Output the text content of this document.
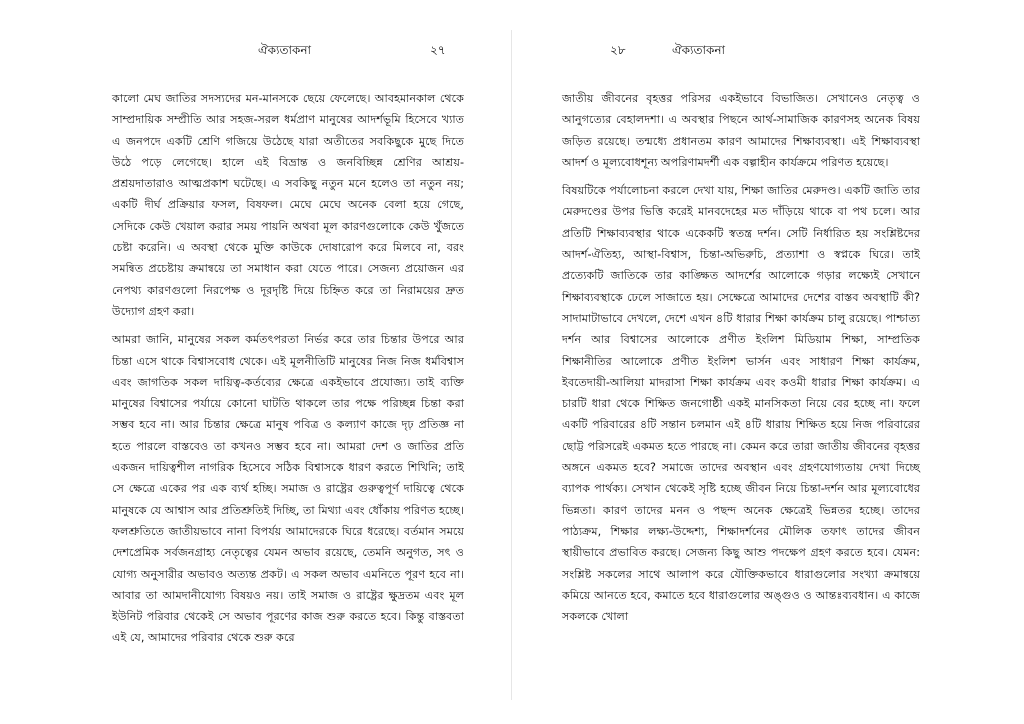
ঐক্যতাকনা	২৭

কালো মেঘ জাতির সদস্যদের মন-মানসকে ছেয়ে ফেলেছে। আবহমানকাল থেকে সাম্প্রদায়িক সম্প্রীতি আর সহজ-সরল ধর্মপ্রাণ মানুষের আদর্শভূমি হিসেবে খ্যাত এ জনপদে একটি শ্রেণি গজিয়ে উঠেছে যারা অতীতের সবকিছুকে মুছে দিতে উঠে পড়ে লেগেছে। হালে এই বিভ্রান্ত ও জনবিচ্ছিন্ন শ্রেণির আশ্রয়-প্রশ্রয়দাতারাও আত্মপ্রকাশ ঘটেছে। এ সবকিছু নতুন মনে হলেও তা নতুন নয়; একটি দীর্ঘ প্রক্রিয়ার ফসল, বিষফল। মেঘে মেঘে অনেক বেলা হয়ে গেছে, সেদিকে কেউ খেয়াল করার সময় পায়নি অথবা মূল কারণগুলোকে কেউ খুঁজতে চেষ্টা করেনি। এ অবস্থা থেকে মুক্তি কাউকে দোষারোপ করে মিলবে না, বরং সমন্বিত প্রচেষ্টায় ক্রমান্বয়ে তা সমাধান করা যেতে পারে। সেজন্য প্রয়োজন এর নেপথ্য কারণগুলো নিরপেক্ষ ও দূরদৃষ্টি দিয়ে চিহ্নিত করে তা নিরাময়ের দ্রুত উদ্যোগ গ্রহণ করা।

আমরা জানি, মানুষের সকল কর্মতৎপরতা নির্ভর করে তার চিন্তার উপরে আর চিন্তা এসে থাকে বিশ্বাসবোধ থেকে। এই মূলনীতিটি মানুষের নিজ নিজ ধর্মবিশ্বাস এবং জাগতিক সকল দায়িত্ব-কর্তব্যের ক্ষেত্রে একইভাবে প্রযোজ্য। তাই ব্যক্তি মানুষের বিশ্বাসের পর্যায়ে কোনো ঘাটতি থাকলে তার পক্ষে পরিচ্ছন্ন চিন্তা করা সম্ভব হবে না। আর চিন্তার ক্ষেত্রে মানুষ পবিত্র ও কল্যাণ কাজে দৃঢ় প্রতিজ্ঞ না হতে পারলে বাস্তবেও তা কখনও সম্ভব হবে না। আমরা দেশ ও জাতির প্রতি একজন দায়িত্বশীল নাগরিক হিসেবে সঠিক বিশ্বাসকে ধারণ করতে শিখিনি; তাই সে ক্ষেত্রে একের পর এক ব্যর্থ হচ্ছি। সমাজ ও রাষ্ট্রের গুরুত্বপূর্ণ দায়িত্বে থেকে মানুষকে যে আশ্বাস আর প্রতিশ্রুতিই দিচ্ছি, তা মিথ্যা এবং ধোঁকায় পরিণত হচ্ছে। ফলশ্রুতিতে জাতীয়ভাবে নানা বিপর্যয় আমাদেরকে ঘিরে ধরেছে। বর্তমান সময়ে দেশপ্রেমিক সর্বজনগ্রাহ্য নেতৃত্বের যেমন অভাব রয়েছে, তেমনি অনুগত, সৎ ও যোগ্য অনুসারীর অভাবও অত্যন্ত প্রকট। এ সকল অভাব এমনিতে পূরণ হবে না। আবার তা আমদানীযোগ্য বিষয়ও নয়। তাই সমাজ ও রাষ্ট্রের ক্ষুদ্রতম এবং মূল ইউনিট পরিবার থেকেই সে অভাব পূরণের কাজ শুরু করতে হবে। কিন্তু বাস্তবতা এই যে, আমাদের পরিবার থেকে শুরু করে

২৮	ঐক্যতাকনা

জাতীয় জীবনের বৃহত্তর পরিসর একইভাবে বিভাজিত। সেখানেও নেতৃত্ব ও আনুগত্যের বেহালদশা। এ অবস্থার পিছনে আর্থ-সামাজিক কারণসহ অনেক বিষয় জড়িত রয়েছে। তন্মধ্যে প্রধানতম কারণ আমাদের শিক্ষাব্যবস্থা। এই শিক্ষাব্যবস্থা আদর্শ ও মূল্যবোধশূন্য অপরিণামদর্শী এক বল্গাহীন কার্যক্রমে পরিণত হয়েছে।

বিষয়টিকে পর্যালোচনা করলে দেখা যায়, শিক্ষা জাতির মেরুদণ্ড। একটি জাতি তার মেরুদণ্ডের উপর ভিত্তি করেই মানবদেহের মত দাঁড়িয়ে থাকে বা পথ চলে। আর প্রতিটি শিক্ষাব্যবস্থার থাকে একেকটি স্বতন্ত্র দর্শন। সেটি নির্ধারিত হয় সংশ্লিষ্টদের আদর্শ-ঐতিহ্য, আস্থা-বিশ্বাস, চিন্তা-অভিরুচি, প্রত্যাশা ও স্বপ্নকে ঘিরে। তাই প্রত্যেকটি জাতিকে তার কাঙ্ক্ষিত আদর্শের আলোকে গড়ার লক্ষ্যেই সেখানে শিক্ষাব্যবস্থাকে ঢেলে সাজাতে হয়। সেক্ষেত্রে আমাদের দেশের বাস্তব অবস্থাটি কী? সাদামাটাভাবে দেখলে, দেশে এখন ৪টি ধারার শিক্ষা কার্যক্রম চালু রয়েছে। পাশ্চাত্য দর্শন আর বিশ্বাসের আলোকে প্রণীত ইংলিশ মিডিয়াম শিক্ষা, সাম্প্রতিক শিক্ষানীতির আলোকে প্রণীত ইংলিশ ভার্সন এবং সাধারণ শিক্ষা কার্যক্রম, ইবতেদায়ী-আলিয়া মাদরাসা শিক্ষা কার্যক্রম এবং কওমী ধারার শিক্ষা কার্যক্রম। এ চারটি ধারা থেকে শিক্ষিত জনগোষ্ঠী একই মানসিকতা নিয়ে বের হচ্ছে না। ফলে একটি পরিবারের ৪টি সন্তান চলমান এই ৪টি ধারায় শিক্ষিত হয়ে নিজ পরিবারের ছোট্ট পরিসরেই একমত হতে পারছে না। কেমন করে তারা জাতীয় জীবনের বৃহত্তর অঙ্গনে একমত হবে? সমাজে তাদের অবস্থান এবং গ্রহণযোগ্যতায় দেখা দিচ্ছে ব্যাপক পার্থক্য। সেখান থেকেই সৃষ্টি হচ্ছে জীবন নিয়ে চিন্তা-দর্শন আর মূল্যবোধের ভিন্নতা। কারণ তাদের মনন ও পছন্দ অনেক ক্ষেত্রেই ভিন্নতর হচ্ছে। তাদের পাঠ্যক্রম, শিক্ষার লক্ষ্য-উদ্দেশ্য, শিক্ষাদর্শনের মৌলিক তফাৎ তাদের জীবন স্থায়ীভাবে প্রভাবিত করছে। সেজন্য কিছু আশু পদক্ষেপ গ্রহণ করতে হবে। যেমন: সংশ্লিষ্ট সকলের সাথে আলাপ করে যৌক্তিকভাবে ধারাগুলোর সংখ্যা ক্রমান্বয়ে কমিয়ে আনতে হবে, কমাতে হবে ধারাগুলোর অঙ্গুও ও আন্তঃব্যবধান। এ কাজে সকলকে খোলা
